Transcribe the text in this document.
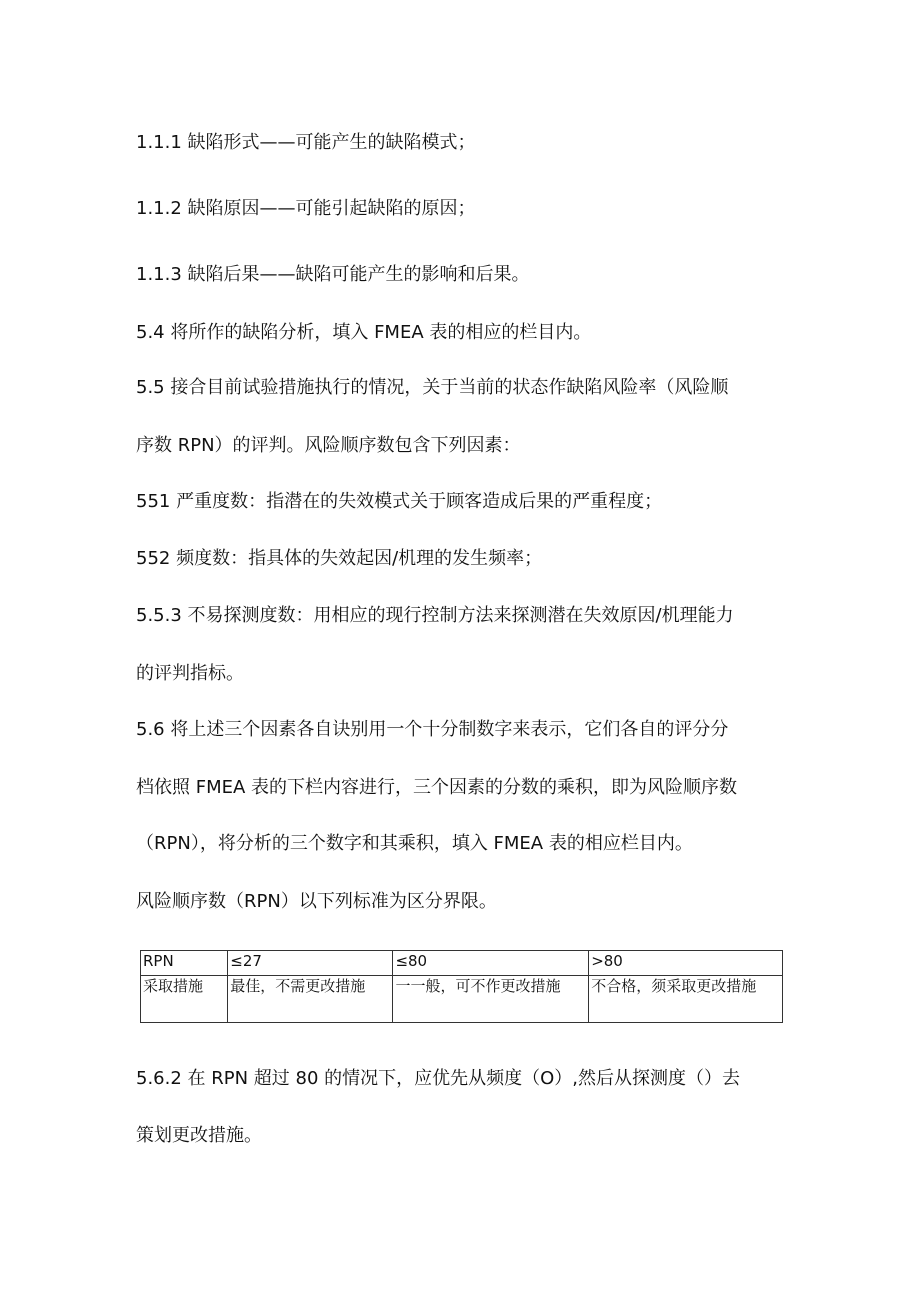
1.1.1 缺陷形式——可能产生的缺陷模式；
1.1.2 缺陷原因——可能引起缺陷的原因；
1.1.3 缺陷后果——缺陷可能产生的影响和后果。
5.4 将所作的缺陷分析，填入 FMEA 表的相应的栏目内。
5.5 接合目前试验措施执行的情况，关于当前的状态作缺陷风险率（风险顺
序数 RPN）的评判。风险顺序数包含下列因素：
551 严重度数：指潜在的失效模式关于顾客造成后果的严重程度；
552 频度数：指具体的失效起因/机理的发生频率；
5.5.3 不易探测度数：用相应的现行控制方法来探测潜在失效原因/机理能力
的评判指标。
5.6 将上述三个因素各自诀别用一个十分制数字来表示，它们各自的评分分
档依照 FMEA 表的下栏内容进行，三个因素的分数的乘积，即为风险顺序数
（RPN），将分析的三个数字和其乘积，填入 FMEA 表的相应栏目内。
风险顺序数（RPN）以下列标准为区分界限。
RPN	≤27	≤80	>80
采取措施	最佳，不需更改措施	一一般，可不作更改措施	不合格，须采取更改措施
5.6.2 在 RPN 超过 80 的情况下，应优先从频度（O）,然后从探测度（）去
策划更改措施。
